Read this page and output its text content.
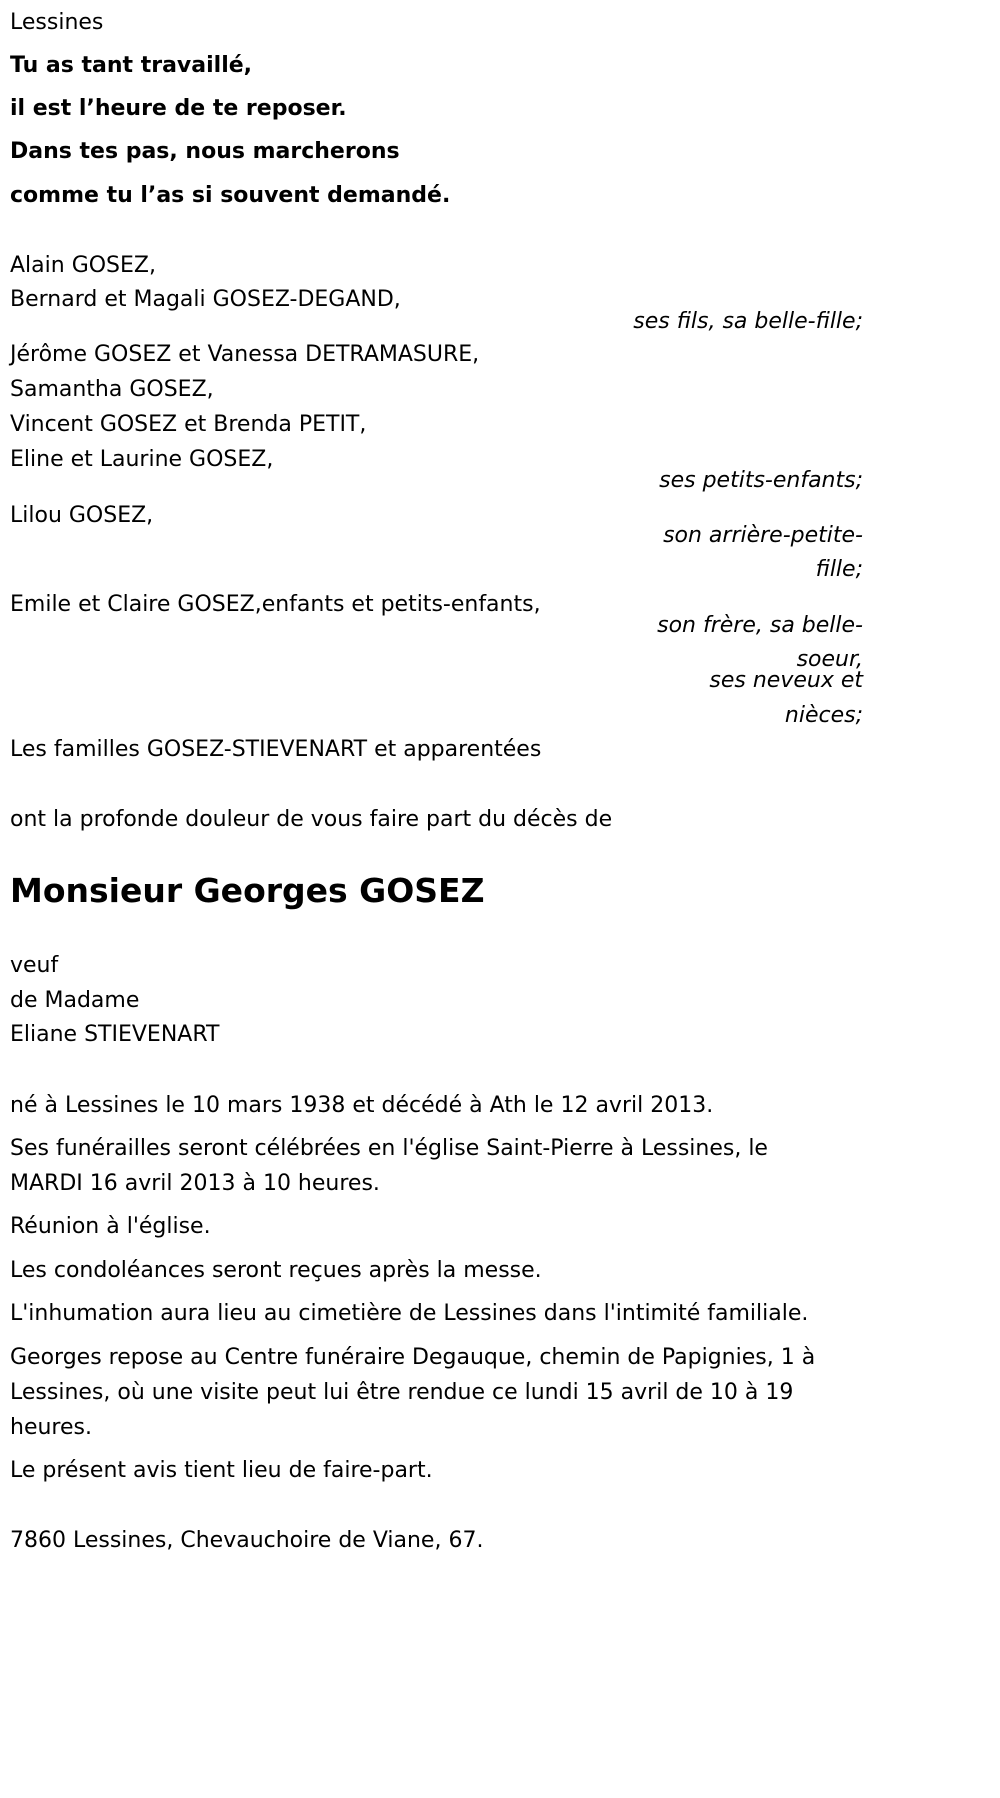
Lessines
Tu as tant travaillé,
il est l’heure de te reposer.
Dans tes pas, nous marcherons
comme tu l’as si souvent demandé.
Alain GOSEZ,
Bernard et Magali GOSEZ-DEGAND,
ses fils, sa belle-fille;
Jérôme GOSEZ et Vanessa DETRAMASURE,
Samantha GOSEZ,
Vincent GOSEZ et Brenda PETIT,
Eline et Laurine GOSEZ,
ses petits-enfants;
Lilou GOSEZ,
son arrière-petite-
fille;
Emile et Claire GOSEZ,enfants et petits-enfants,
son frère, sa belle-
soeur,
ses neveux et
nièces;
Les familles GOSEZ-STIEVENART et apparentées
ont la profonde douleur de vous faire part du décès de
Monsieur Georges GOSEZ
veuf
de Madame
Eliane STIEVENART
né à Lessines le 10 mars 1938 et décédé à Ath le 12 avril 2013.
Ses funérailles seront célébrées en l'église Saint-Pierre à Lessines, le
MARDI 16 avril 2013 à 10 heures.
Réunion à l'église.
Les condoléances seront reçues après la messe.
L'inhumation aura lieu au cimetière de Lessines dans l'intimité familiale.
Georges repose au Centre funéraire Degauque, chemin de Papignies, 1 à
Lessines, où une visite peut lui être rendue ce lundi 15 avril de 10 à 19
heures.
Le présent avis tient lieu de faire-part.
7860 Lessines, Chevauchoire de Viane, 67.
